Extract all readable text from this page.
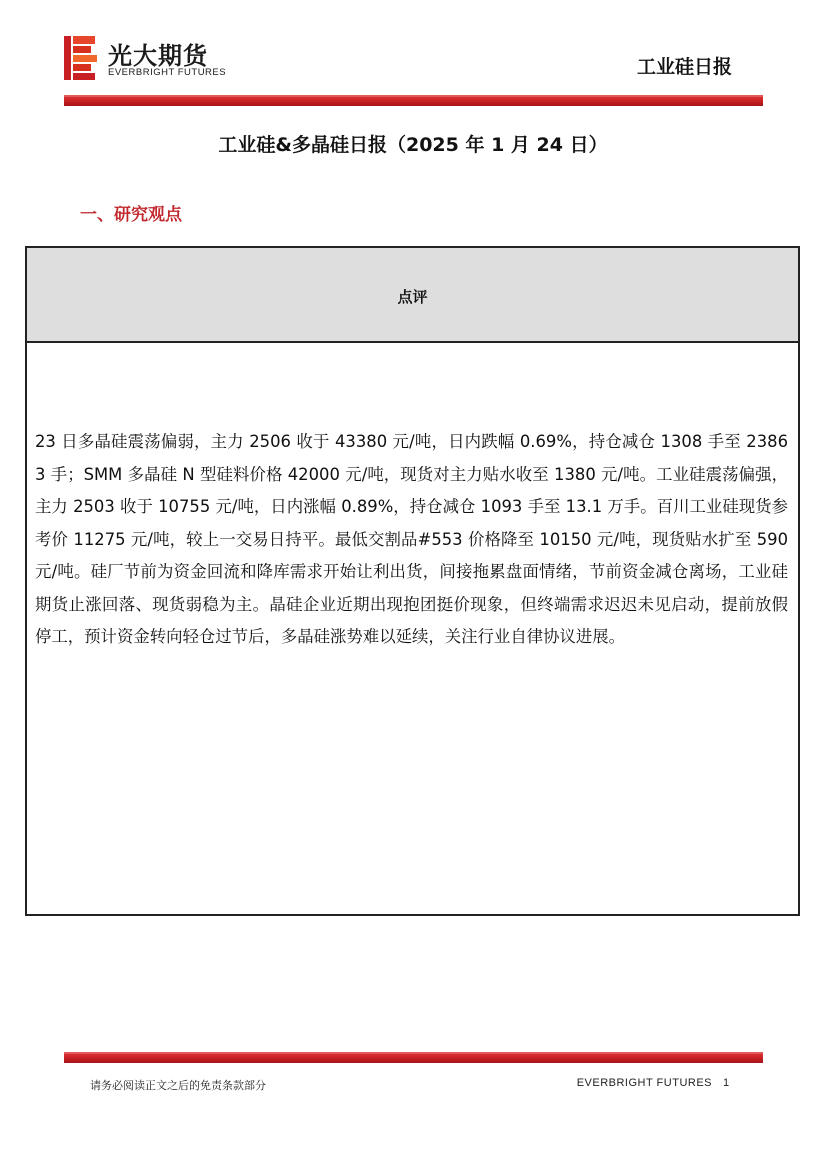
光大期货
EVERBRIGHT FUTURES	工业硅日报
工业硅&多晶硅日报（2025 年 1 月 24 日）
一、研究观点
点评
23 日多晶硅震荡偏弱，主力 2506 收于 43380 元/吨，日内跌幅 0.69%，持仓减仓 1308 手至 23863 手；SMM 多晶硅 N 型硅料价格 42000 元/吨，现货对主力贴水收至 1380 元/吨。工业硅震荡偏强，主力 2503 收于 10755 元/吨，日内涨幅 0.89%，持仓减仓 1093 手至 13.1 万手。百川工业硅现货参考价 11275 元/吨，较上一交易日持平。最低交割品#553 价格降至 10150 元/吨，现货贴水扩至 590 元/吨。硅厂节前为资金回流和降库需求开始让利出货，间接拖累盘面情绪，节前资金减仓离场，工业硅期货止涨回落、现货弱稳为主。晶硅企业近期出现抱团挺价现象，但终端需求迟迟未见启动，提前放假停工，预计资金转向轻仓过节后，多晶硅涨势难以延续，关注行业自律协议进展。
请务必阅读正文之后的免责条款部分	EVERBRIGHT FUTURES 1
